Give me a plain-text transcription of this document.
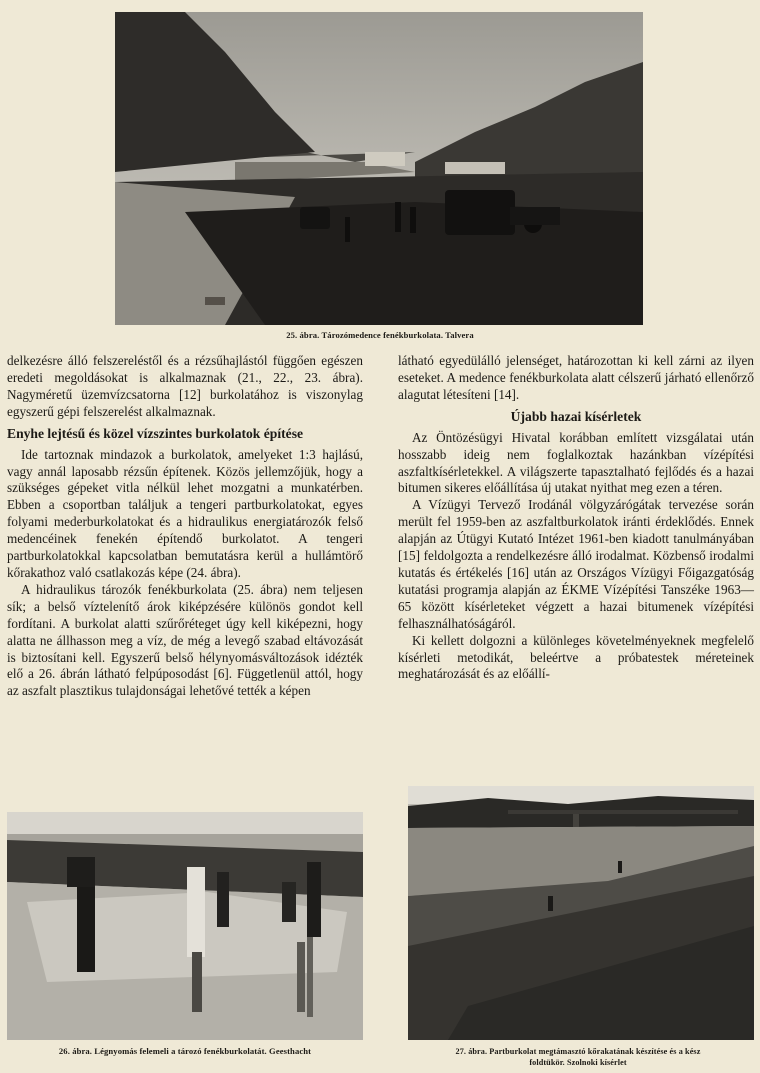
25. ábra. Tározómedence fenékburkolata. Talvera

delkezésre álló felszereléstől és a rézsűhajlástól függően egészen eredeti megoldásokat is alkalmaznak (21., 22., 23. ábra). Nagyméretű üzemvízcsatorna [12] burkolatához is viszonylag egyszerű gépi felszerelést alkalmaznak.

Enyhe lejtésű és közel vízszintes burkolatok építése

Ide tartoznak mindazok a burkolatok, amelyeket 1:3 hajlású, vagy annál laposabb rézsűn építenek. Közös jellemzőjük, hogy a szükséges gépeket vitla nélkül lehet mozgatni a munkatérben. Ebben a csoportban találjuk a tengeri partburkolatokat, egyes folyami mederburkolatokat és a hidraulikus energiatározók felső medencéinek fenekén építendő burkolatot. A tengeri partburkolatokkal kapcsolatban bemutatásra kerül a hullámtörő kőrakathoz való csatlakozás képe (24. ábra).

A hidraulikus tározók fenékburkolata (25. ábra) nem teljesen sík; a belső víztelenítő árok kiképzésére különös gondot kell fordítani. A burkolat alatti szűrőréteget úgy kell kiképezni, hogy alatta ne állhasson meg a víz, de még a levegő szabad eltávozását is biztosítani kell. Egyszerű belső hélynyomásváltozások idézték elő a 26. ábrán látható felpúposodást [6]. Függetlenül attól, hogy az aszfalt plasztikus tulajdonságai lehetővé tették a képen

látható egyedülálló jelenséget, határozottan ki kell zárni az ilyen eseteket. A medence fenékburkolata alatt célszerű járható ellenőrző alagutat létesíteni [14].

Újabb hazai kísérletek

Az Öntözésügyi Hivatal korábban említett vizsgálatai után hosszabb ideig nem foglalkoztak hazánkban vízépítési aszfaltkísérletekkel. A világszerte tapasztalható fejlődés és a hazai bitumen sikeres előállítása új utakat nyithat meg ezen a téren.

A Vízügyi Tervező Irodánál völgyzárógátak tervezése során merült fel 1959-ben az aszfaltburkolatok iránti érdeklődés. Ennek alapján az Útügyi Kutató Intézet 1961-ben kiadott tanulmányában [15] feldolgozta a rendelkezésre álló irodalmat. Közbenső irodalmi kutatás és értékelés [16] után az Országos Vízügyi Főigazgatóság kutatási programja alapján az ÉKME Vízépítési Tanszéke 1963—65 között kísérleteket végzett a hazai bitumenek vízépítési felhasználhatóságáról.

Ki kellett dolgozni a különleges követelményeknek megfelelő kísérleti metodikát, beleértve a próbatestek méreteinek meghatározását és az előállí-

26. ábra. Légnyomás felemeli a tározó fenékburkolatát. Geesthacht	27. ábra. Partburkolat megtámasztó kőrakatának készítése és a kész
foldtükör. Szolnoki kísérlet
